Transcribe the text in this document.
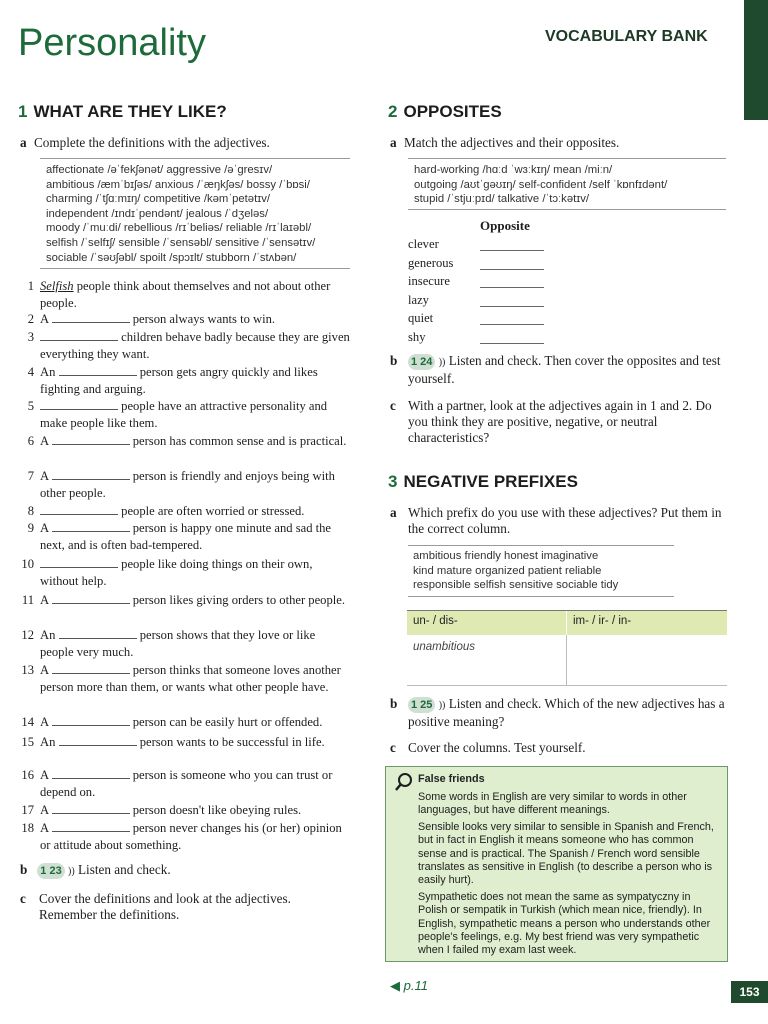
Personality	VOCABULARY BANK
1 WHAT ARE THEY LIKE?
a Complete the definitions with the adjectives.
affectionate /əˈfekʃənət/ aggressive /əˈgresɪv/
ambitious /æmˈbɪʃəs/ anxious /ˈæŋkʃəs/ bossy /ˈbɒsi/
charming /ˈtʃɑːmɪŋ/ competitive /kəmˈpetətɪv/
independent /ɪndɪˈpendənt/ jealous /ˈdʒeləs/
moody /ˈmuːdi/ rebellious /rɪˈbeliəs/ reliable /rɪˈlaɪəbl/
selfish /ˈselfɪʃ/ sensible /ˈsensəbl/ sensitive /ˈsensətɪv/
sociable /ˈsəʊʃəbl/ spoilt /spɔɪlt/ stubborn /ˈstʌbən/
1 Selfish people think about themselves and not about other people.
2 A	person always wants to win.
3	children behave badly because they are given everything they want.
4 An	person gets angry quickly and likes fighting and arguing.
5	people have an attractive personality and make people like them.
6 A	person has common sense and is practical.
7 A	person is friendly and enjoys being with other people.
8	people are often worried or stressed.
9 A	person is happy one minute and sad the next, and is often bad-tempered.
10	people like doing things on their own, without help.
11 A	person likes giving orders to other people.
12 An	person shows that they love or like people very much.
13 A	person thinks that someone loves another person more than them, or wants what other people have.
14 A	person can be easily hurt or offended.
15 An	person wants to be successful in life.
16 A	person is someone who you can trust or depend on.
17 A	person doesn't like obeying rules.
18 A	person never changes his (or her) opinion or attitude about something.
b 1 23 )) Listen and check.
c Cover the definitions and look at the adjectives. Remember the definitions.
2 OPPOSITES
a Match the adjectives and their opposites.
hard-working /hɑːd ˈwɜːkɪŋ/ mean /miːn/
outgoing /aʊtˈgəʊɪŋ/ self-confident /self ˈkɒnfɪdənt/
stupid /ˈstjuːpɪd/ talkative /ˈtɔːkətɪv/
Opposite
clever
generous
insecure
lazy
quiet
shy
b	1 24 )) Listen and check. Then cover the opposites and test yourself.
c With a partner, look at the adjectives again in 1 and 2. Do you think they are positive, negative, or neutral characteristics?
3 NEGATIVE PREFIXES
a Which prefix do you use with these adjectives? Put them in the correct column.
ambitious friendly honest imaginative
kind mature organized patient reliable
responsible selfish sensitive sociable tidy
un- / dis-	im- / ir- / in-
unambitious
b	1 25 )) Listen and check. Which of the new adjectives has a positive meaning?
c Cover the columns. Test yourself.
False friends

Some words in English are very similar to words in other languages, but have different meanings.

Sensible looks very similar to sensible in Spanish and French, but in fact in English it means someone who has common sense and is practical. The Spanish / French word sensible translates as sensitive in English (to describe a person who is easily hurt).

Sympathetic does not mean the same as sympatyczny in Polish or sempatik in Turkish (which mean nice, friendly). In English, sympathetic means a person who understands other people's feelings, e.g. My best friend was very sympathetic when I failed my exam last week.

◀ p.11	153
